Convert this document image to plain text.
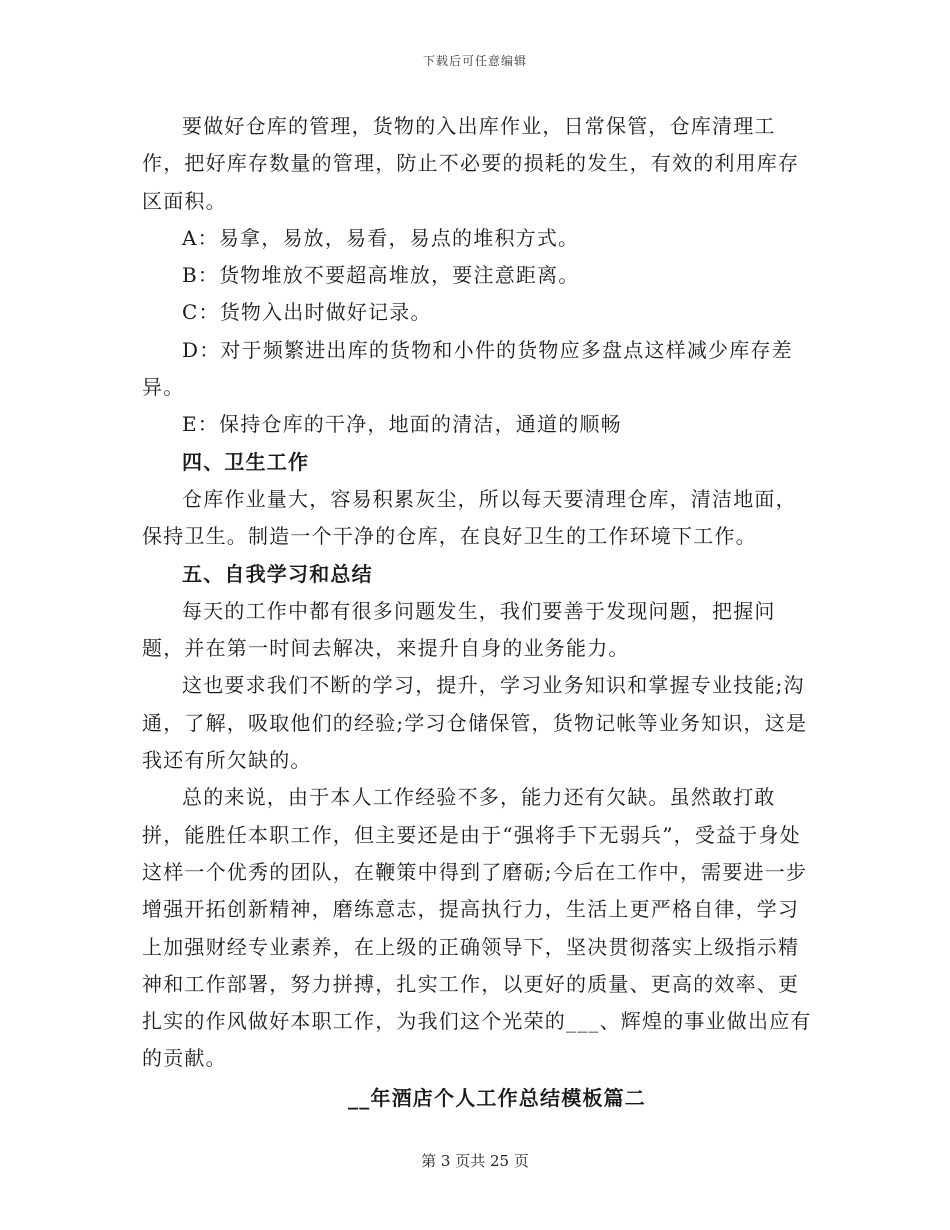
下载后可任意编辑

要做好仓库的管理，货物的入出库作业，日常保管，仓库清理工作，把好库存数量的管理，防止不必要的损耗的发生，有效的利用库存区面积。

A：易拿，易放，易看，易点的堆积方式。

B：货物堆放不要超高堆放，要注意距离。

C：货物入出时做好记录。

D：对于频繁进出库的货物和小件的货物应多盘点这样减少库存差异。

E：保持仓库的干净，地面的清洁，通道的顺畅

四、卫生工作

仓库作业量大，容易积累灰尘，所以每天要清理仓库，清洁地面，保持卫生。制造一个干净的仓库，在良好卫生的工作环境下工作。

五、自我学习和总结

每天的工作中都有很多问题发生，我们要善于发现问题，把握问题，并在第一时间去解决，来提升自身的业务能力。

这也要求我们不断的学习，提升，学习业务知识和掌握专业技能;沟通，了解，吸取他们的经验;学习仓储保管，货物记帐等业务知识，这是我还有所欠缺的。

总的来说，由于本人工作经验不多，能力还有欠缺。虽然敢打敢拼，能胜任本职工作，但主要还是由于“强将手下无弱兵”，受益于身处这样一个优秀的团队，在鞭策中得到了磨砺;今后在工作中，需要进一步增强开拓创新精神，磨练意志，提高执行力，生活上更严格自律，学习上加强财经专业素养，在上级的正确领导下，坚决贯彻落实上级指示精神和工作部署，努力拼搏，扎实工作，以更好的质量、更高的效率、更扎实的作风做好本职工作，为我们这个光荣的___、辉煌的事业做出应有的贡献。

__年酒店个人工作总结模板篇二

第 3 页共 25 页
